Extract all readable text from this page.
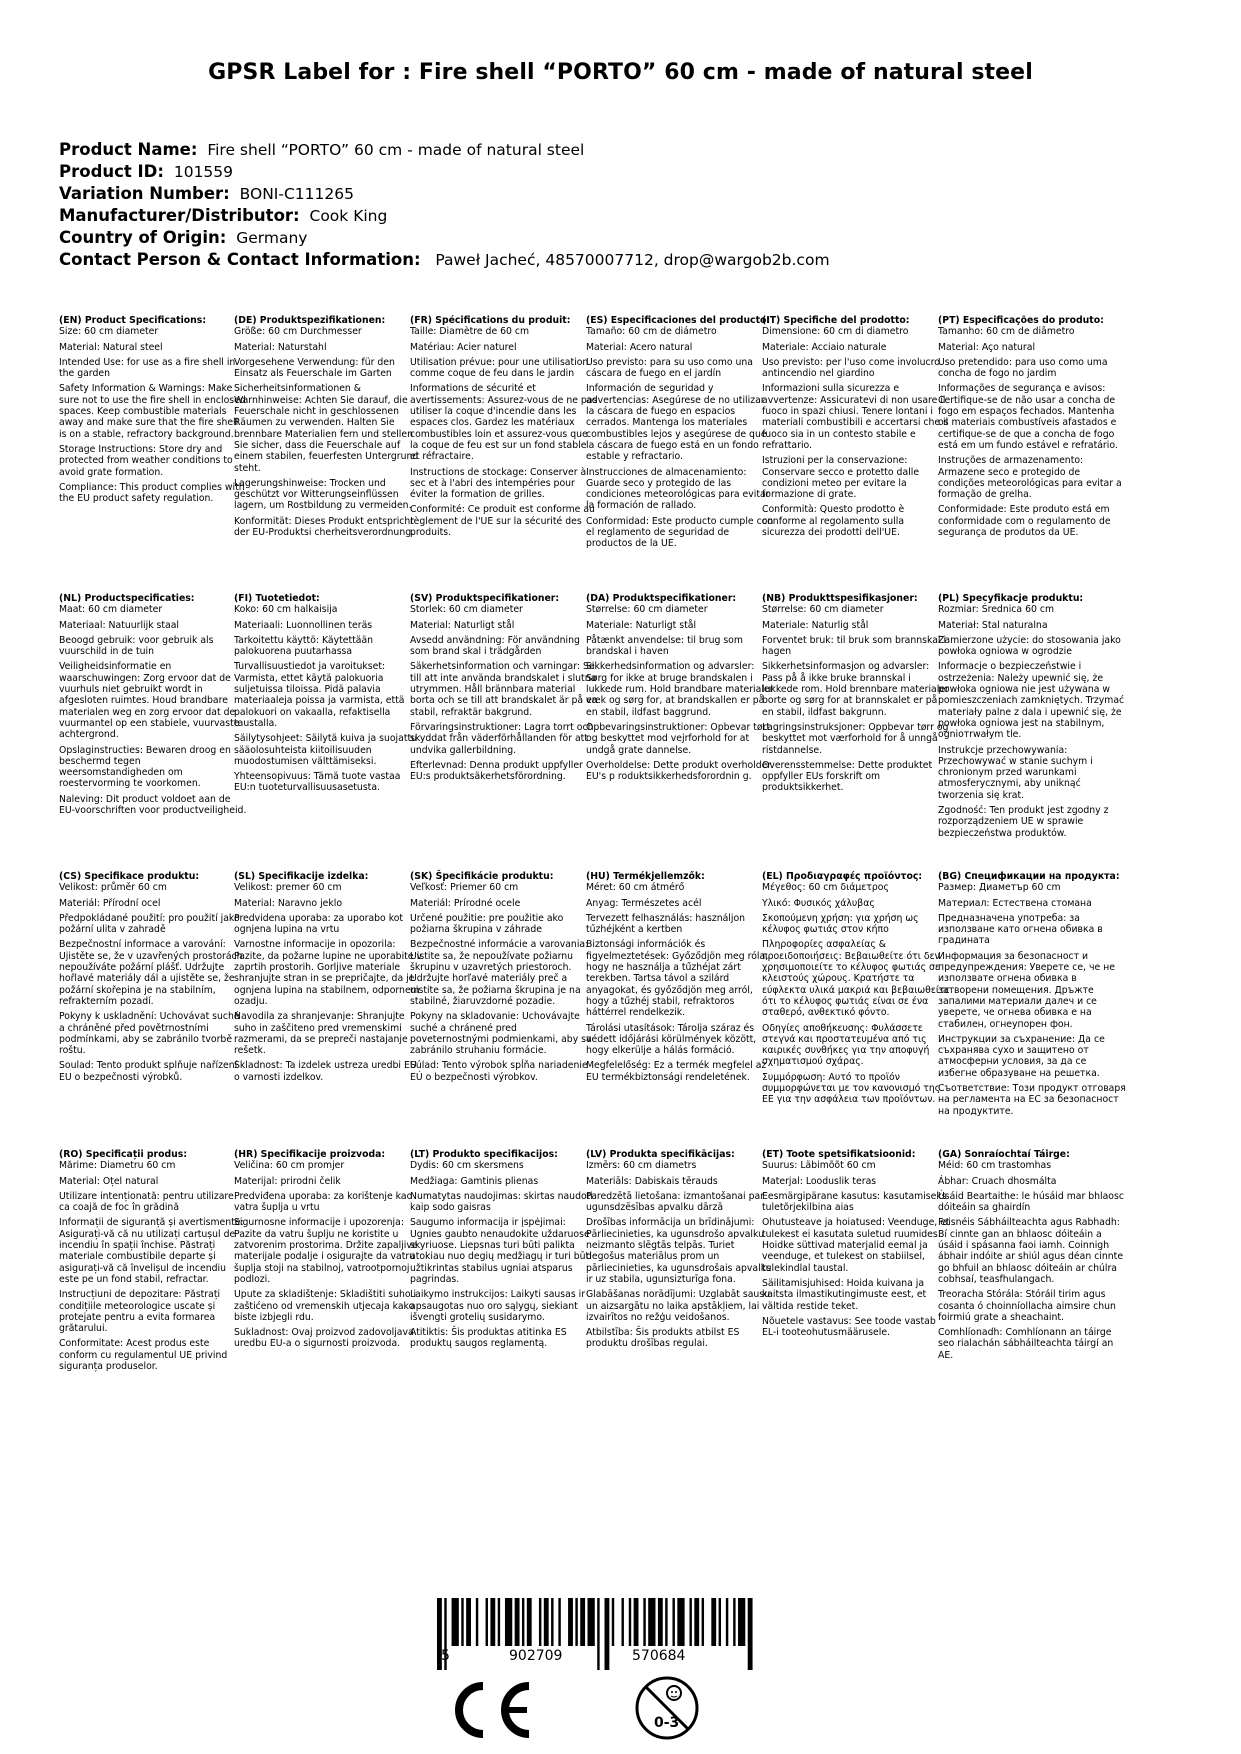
GPSR Label for : Fire shell “PORTO” 60 cm - made of natural steel
Product Name: Fire shell “PORTO” 60 cm - made of natural steel
Product ID: 101559
Variation Number: BONI-C111265
Manufacturer/Distributor: Cook King
Country of Origin: Germany
Contact Person & Contact Information: Paweł Jacheć, 48570007712, drop@wargob2b.com
(EN) Product Specifications:
Size: 60 cm diameter
Material: Natural steel
Intended Use: for use as a fire shell in the garden
Safety Information & Warnings: Make sure not to use the fire shell in enclosed spaces. Keep combustible materials away and make sure that the fire shell is on a stable, refractory background.
Storage Instructions: Store dry and protected from weather conditions to avoid grate formation.
Compliance: This product complies with the EU product safety regulation.
(DE) Produktspezifikationen:
Größe: 60 cm Durchmesser
Material: Naturstahl
Vorgesehene Verwendung: für den Einsatz als Feuerschale im Garten
Sicherheitsinformationen & Warnhinweise: Achten Sie darauf, die Feuerschale nicht in geschlossenen Räumen zu verwenden. Halten Sie brennbare Materialien fern und stellen Sie sicher, dass die Feuerschale auf einem stabilen, feuerfesten Untergrund steht.
Lagerungshinweise: Trocken und geschützt vor Witterungseinflüssen lagern, um Rostbildung zu vermeiden.
Konformität: Dieses Produkt entspricht der EU-Produktsi cherheitsverordnung.
(FR) Spécifications du produit:
Taille: Diamètre de 60 cm
Matériau: Acier naturel
Utilisation prévue: pour une utilisation comme coque de feu dans le jardin
Informations de sécurité et avertissements: Assurez-vous de ne pas utiliser la coque d'incendie dans les espaces clos. Gardez les matériaux combustibles loin et assurez-vous que la coque de feu est sur un fond stable et réfractaire.
Instructions de stockage: Conserver à sec et à l'abri des intempéries pour éviter la formation de grilles.
Conformité: Ce produit est conforme au règlement de l'UE sur la sécurité des produits.
(ES) Especificaciones del producto:
Tamaño: 60 cm de diámetro
Material: Acero natural
Uso previsto: para su uso como una cáscara de fuego en el jardín
Información de seguridad y advertencias: Asegúrese de no utilizar la cáscara de fuego en espacios cerrados. Mantenga los materiales combustibles lejos y asegúrese de que la cáscara de fuego está en un fondo estable y refractario.
Instrucciones de almacenamiento: Guarde seco y protegido de las condiciones meteorológicas para evitar la formación de rallado.
Conformidad: Este producto cumple con el reglamento de seguridad de productos de la UE.
(IT) Specifiche del prodotto:
Dimensione: 60 cm di diametro
Materiale: Acciaio naturale
Uso previsto: per l'uso come involucro antincendio nel giardino
Informazioni sulla sicurezza e avvertenze: Assicuratevi di non usare il fuoco in spazi chiusi. Tenere lontani i materiali combustibili e accertarsi che il fuoco sia in un contesto stabile e refrattario.
Istruzioni per la conservazione: Conservare secco e protetto dalle condizioni meteo per evitare la formazione di grate.
Conformità: Questo prodotto è conforme al regolamento sulla sicurezza dei prodotti dell'UE.
(PT) Especificações do produto:
Tamanho: 60 cm de diâmetro
Material: Aço natural
Uso pretendido: para uso como uma concha de fogo no jardim
Informações de segurança e avisos: Certifique-se de não usar a concha de fogo em espaços fechados. Mantenha os materiais combustíveis afastados e certifique-se de que a concha de fogo está em um fundo estável e refratário.
Instruções de armazenamento: Armazene seco e protegido de condições meteorológicas para evitar a formação de grelha.
Conformidade: Este produto está em conformidade com o regulamento de segurança de produtos da UE.
(NL) Productspecificaties:
Maat: 60 cm diameter
Materiaal: Natuurlijk staal
Beoogd gebruik: voor gebruik als vuurschild in de tuin
Veiligheidsinformatie en waarschuwingen: Zorg ervoor dat de vuurhuls niet gebruikt wordt in afgesloten ruimtes. Houd brandbare materialen weg en zorg ervoor dat de vuurmantel op een stabiele, vuurvaste achtergrond.
Opslaginstructies: Bewaren droog en beschermd tegen weersomstandigheden om roestervorming te voorkomen.
Naleving: Dit product voldoet aan de EU-voorschriften voor productveiligheid.
(FI) Tuotetiedot:
Koko: 60 cm halkaisija
Materiaali: Luonnollinen teräs
Tarkoitettu käyttö: Käytettään palokuorena puutarhassa
Turvallisuustiedot ja varoitukset: Varmista, ettet käytä palokuoria suljetuissa tiloissa. Pidä palavia materiaaleja poissa ja varmista, että palokuori on vakaalla, refaktisella taustalla.
Säilytysohjeet: Säilytä kuiva ja suojattu sääolosuhteista kiitoilisuuden muodostumisen välttämiseksi.
Yhteensopivuus: Tämä tuote vastaa EU:n tuoteturvallisuusasetusta.
(SV) Produktspecifikationer:
Storlek: 60 cm diameter
Material: Naturligt stål
Avsedd användning: För användning som brand skal i trädgården
Säkerhetsinformation och varningar: Se till att inte använda brandskalet i slutna utrymmen. Håll brännbara material borta och se till att brandskalet är på en stabil, refraktär bakgrund.
Förvaringsinstruktioner: Lagra torrt och skyddat från väderförhållanden för att undvika gallerbildning.
Efterlevnad: Denna produkt uppfyller EU:s produktsäkerhetsförordning.
(DA) Produktspecifikationer:
Størrelse: 60 cm diameter
Materiale: Naturligt stål
Påtænkt anvendelse: til brug som brandskal i haven
Sikkerhedsinformation og advarsler: Sørg for ikke at bruge brandskalen i lukkede rum. Hold brandbare materialer væk og sørg for, at brandskallen er på en stabil, ildfast baggrund.
Opbevaringsinstruktioner: Opbevar tørt og beskyttet mod vejrforhold for at undgå grate dannelse.
Overholdelse: Dette produkt overholder EU's p roduktsikkerhedsforordnin g.
(NB) Produkttspesifikasjoner:
Størrelse: 60 cm diameter
Materiale: Naturlig stål
Forventet bruk: til bruk som brannskal i hagen
Sikkerhetsinformasjon og advarsler: Pass på å ikke bruke brannskal i lukkede rom. Hold brennbare materialer borte og sørg for at brannskalet er på en stabil, ildfast bakgrunn.
Lagringsinstruksjoner: Oppbevar tørr og beskyttet mot værforhold for å unngå ristdannelse.
Overensstemmelse: Dette produktet oppfyller EUs forskrift om produktsikkerhet.
(PL) Specyfikacje produktu:
Rozmiar: Średnica 60 cm
Materiał: Stal naturalna
Zamierzone użycie: do stosowania jako powłoka ogniowa w ogrodzie
Informacje o bezpieczeństwie i ostrzeżenia: Należy upewnić się, że powłoka ogniowa nie jest używana w pomieszczeniach zamkniętych. Trzymać materiały palne z dala i upewnić się, że powłoka ogniowa jest na stabilnym, ognioтrwałym tle.
Instrukcje przechowywania: Przechowywać w stanie suchym i chronionym przed warunkami atmosferycznymi, aby uniknąć tworzenia się krat.
Zgodność: Ten produkt jest zgodny z rozporządzeniem UE w sprawie bezpieczeństwa produktów.
(CS) Specifikace produktu:
Velikost: průměr 60 cm
Materiál: Přírodní ocel
Předpokládané použití: pro použití jako požární ulita v zahradě
Bezpečnostní informace a varování: Ujistěte se, že v uzavřených prostorách nepoužíváte požární plášť. Udržujte hořlavé materiály dál a ujistěte se, že požární skořepina je na stabilním, refrakterním pozadí.
Pokyny k uskladnění: Uchovávat suché a chráněné před povětrnostními podmínkami, aby se zabránilo tvorbě roštu.
Soulad: Tento produkt splňuje nařízení EU o bezpečnosti výrobků.
(SL) Specifikacije izdelka:
Velikost: premer 60 cm
Material: Naravno jeklo
Predvidena uporaba: za uporabo kot ognjena lupina na vrtu
Varnostne informacije in opozorila: Pazite, da požarne lupine ne uporabite v zaprtih prostorih. Gorljive materiale shranjujte stran in se prepričajte, da je ognjena lupina na stabilnem, odpornem ozadju.
Navodila za shranjevanje: Shranjujte suho in zaščiteno pred vremenskimi razmerami, da se prepreči nastajanje rešetk.
Skladnost: Ta izdelek ustreza uredbi EU o varnosti izdelkov.
(SK) Špecifikácie produktu:
Veľkosť: Priemer 60 cm
Materiál: Prírodné ocele
Určené použitie: pre použitie ako požiarna škrupina v záhrade
Bezpečnostné informácie a varovania: Uistite sa, že nepoužívate požiarnu škrupinu v uzavretých priestoroch. Udržujte horľavé materiály preč a uistite sa, že požiarna škrupina je na stabilné, žiaruvzdorné pozadie.
Pokyny na skladovanie: Uchovávajte suché a chránené pred poveternostnými podmienkami, aby sa zabránilo struhaniu formácie.
Súlad: Tento výrobok spĺňa nariadenie EÚ o bezpečnosti výrobkov.
(HU) Termékjellemzők:
Méret: 60 cm átmérő
Anyag: Természetes acél
Tervezett felhasználás: használjon tűzhéjként a kertben
Biztonsági információk és figyelmeztetések: Győződjön meg róla, hogy ne használja a tűzhéjat zárt terekben. Tartsa távol a szilárd anyagokat, és győződjön meg arról, hogy a tűzhéj stabil, refraktoros háttérrel rendelkezik.
Tárolási utasítások: Tárolja száraz és védett időjárási körülmények között, hogy elkerülje a hálás formáció.
Megfelelőség: Ez a termék megfelel az EU termékbiztonsági rendeletének.
(EL) Προδιαγραφές προϊόντος:
Μέγεθος: 60 cm διάμετρος
Υλικό: Φυσικός χάλυβας
Σκοπούμενη χρήση: για χρήση ως κέλυφος φωτιάς στον κήπο
Πληροφορίες ασφαλείας & προειδοποιήσεις: Βεβαιωθείτε ότι δεν χρησιμοποιείτε το κέλυφος φωτιάς σε κλειστούς χώρους. Κρατήστε τα εύφλεκτα υλικά μακριά και βεβαιωθείτε ότι το κέλυφος φωτιάς είναι σε ένα σταθερό, ανθεκτικό φόντο.
Οδηγίες αποθήκευσης: Φυλάσσετε στεγνά και προστατευμένα από τις καιρικές συνθήκες για την αποφυγή σχηματισμού σχάρας.
Συμμόρφωση: Αυτό το προϊόν συμμορφώνεται με τον κανονισμό της ΕΕ για την ασφάλεια των προϊόντων.
(BG) Спецификации на продукта:
Размер: Диаметър 60 cm
Материал: Естествена стомана
Предназначена употреба: за използване като огнена обивка в градината
Информация за безопасност и предупреждения: Уверете се, че не използвате огнена обивка в затворени помещения. Дръжте запалими материали далеч и се уверете, че огнева обивка е на стабилен, огнеупорен фон.
Инструкции за съхранение: Да се съхранява сухо и защитено от атмосферни условия, за да се избегне образуване на решетка.
Съответствие: Този продукт отговаря на регламента на ЕС за безопасност на продуктите.
(RO) Specificații produs:
Mărime: Diametru 60 cm
Material: Oțel natural
Utilizare intenționată: pentru utilizare ca coajă de foc în grădină
Informații de siguranță și avertismente: Asigurați-vă că nu utilizați cartușul de incendiu în spații închise. Păstrați materiale combustibile departe și asigurați-vă că învelișul de incendiu este pe un fond stabil, refractar.
Instrucțiuni de depozitare: Păstrați condițiile meteorologice uscate și protejate pentru a evita formarea grătarului.
Conformitate: Acest produs este conform cu regulamentul UE privind siguranța produselor.
(HR) Specifikacije proizvoda:
Veličina: 60 cm promjer
Materijal: prirodni čelik
Predviđena uporaba: za korištenje kao vatra šuplja u vrtu
Sigurnosne informacije i upozorenja: Pazite da vatru šuplju ne koristite u zatvorenim prostorima. Držite zapaljive materijale podalje i osigurajte da vatru šuplja stoji na stabilnoj, vatrootpornoj podlozi.
Upute za skladištenje: Skladištiti suho i zaštićeno od vremenskih utjecaja kako biste izbjegli rdu.
Sukladnost: Ovaj proizvod zadovoljava uredbu EU-a o sigurnosti proizvoda.
(LT) Produkto specifikacijos:
Dydis: 60 cm skersmens
Medžiaga: Gamtinis plienas
Numatytas naudojimas: skirtas naudoti kaip sodo gaisras
Saugumo informacija ir įspėjimai: Ugnies gaubto nenaudokite uždaruose skyriuose. Liepsnas turi būti palikta atokiau nuo degių medžiagų ir turi būti užtikrintas stabilus ugniai atsparus pagrindas.
Laikymo instrukcijos: Laikyti sausas ir apsaugotas nuo oro sąlygų, siekiant išvengti grotelių susidarymo.
Atitiktis: Šis produktas atitinka ES produktų saugos reglamentą.
(LV) Produkta specifikācijas:
Izmērs: 60 cm diametrs
Materiāls: Dabiskais tērauds
Paredzētā lietošana: izmantošanai par ugunsdzēsības apvalku dārzā
Drošības informācija un brīdinājumi: Pārliecinieties, ka ugunsdrošo apvalku neizmanto slēgtās telpās. Turiet degošus materiālus prom un pārliecinieties, ka ugunsdrošais apvalks ir uz stabila, ugunsizturīga fona.
Glabāšanas norādījumi: Uzglabāt sausu un aizsargātu no laika apstākļiem, lai izvairītos no režģu veidošanos.
Atbilstība: Šis produkts atbilst ES produktu drošības regulai.
(ET) Toote spetsifikatsioonid:
Suurus: Läbimõõt 60 cm
Materjal: Looduslik teras
Eesmärgipärane kasutus: kasutamiseks tuletõrjekilbina aias
Ohutusteave ja hoiatused: Veenduge, et tulekest ei kasutata suletud ruumides. Hoidke süttivad materjalid eemal ja veenduge, et tulekest on stabiilsel, tulekindlal taustal.
Säilitamisjuhised: Hoida kuivana ja kaitsta ilmastikutingimuste eest, et vältida restide teket.
Nõuetele vastavus: See toode vastab EL-i tooteohutusmäärusele.
(GA) Sonraíochtaí Táirge:
Méid: 60 cm trastomhas
Ábhar: Cruach dhosmálta
Úsáid Beartaithe: le húsáid mar bhlaosc dóiteáin sa ghairdín
Faisnéis Sábháilteachta agus Rabhadh: Bí cinnte gan an bhlaosc dóiteáin a úsáid i spásanna faoi iamh. Coinnigh ábhair indóite ar shiúl agus déan cinnte go bhfuil an bhlaosc dóiteáin ar chúlra cobhsaí, teasfhulangach.
Treoracha Stórála: Stóráil tirim agus cosanta ó choinníollacha aimsire chun foirmiú grate a sheachaint.
Comhlíonadh: Comhlíonann an táirge seo rialachán sábháilteachta táirgí an AE.
5	902709	570684
0-3
